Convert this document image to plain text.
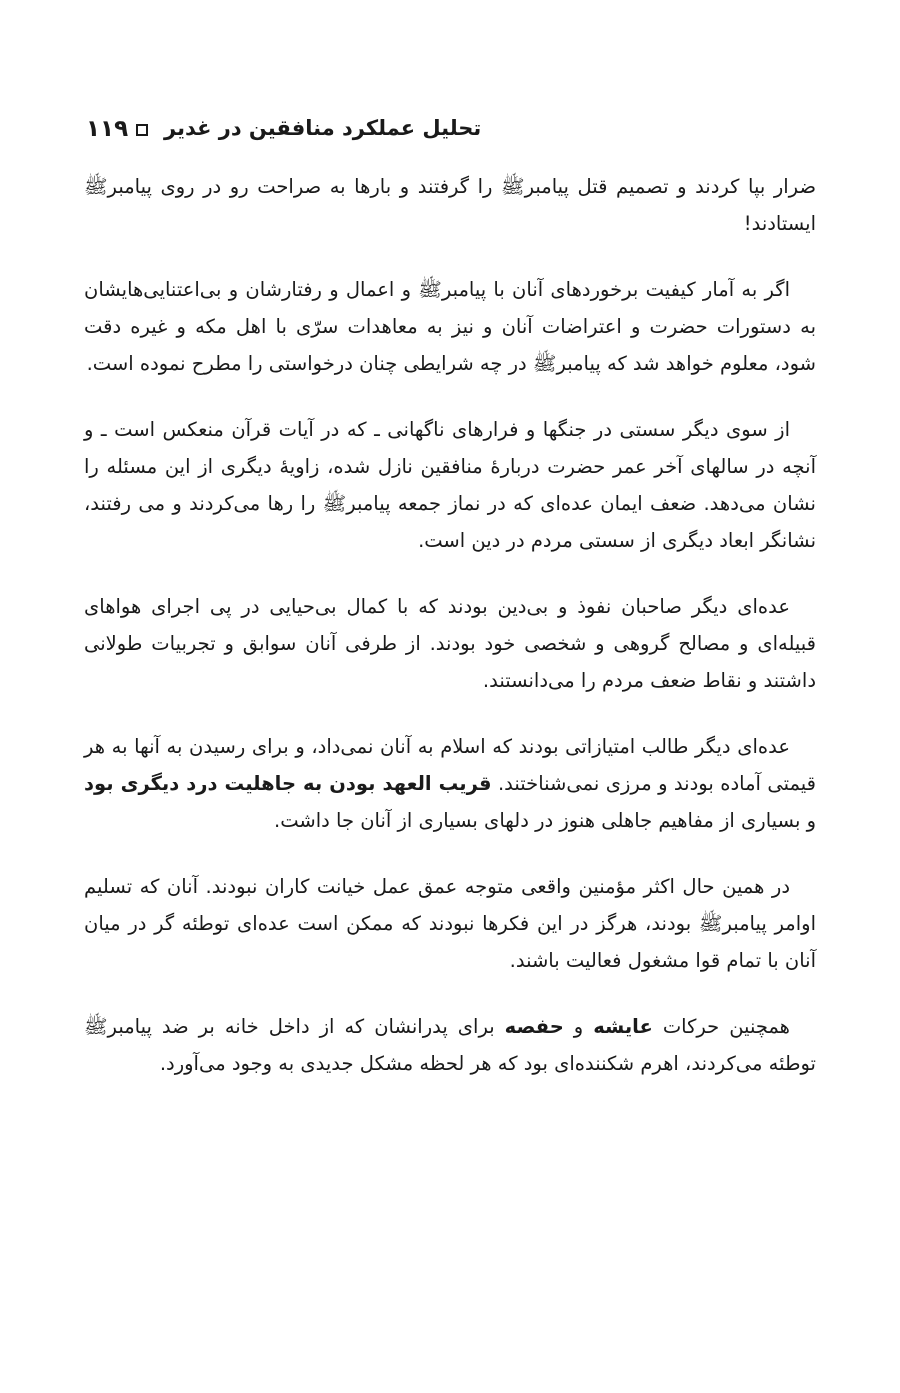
۱۱۹ تحلیل عملکرد منافقین در غدیر

ضرار بپا کردند و تصمیم قتل پیامبرﷺ را گرفتند و بارها به صراحت رو در روی پیامبرﷺ ایستادند!

اگر به آمار کیفیت برخوردهای آنان با پیامبرﷺ و اعمال و رفتارشان و بی‌اعتنایی‌هایشان به دستورات حضرت و اعتراضات آنان و نیز به معاهدات سرّی با اهل مکه و غیره دقت شود، معلوم خواهد شد که پیامبرﷺ در چه شرایطی چنان درخواستی را مطرح نموده است.

از سوی دیگر سستی در جنگها و فرارهای ناگهانی ـ که در آیات قرآن منعکس است ـ و آنچه در سالهای آخر عمر حضرت دربارهٔ منافقین نازل شده، زاویهٔ دیگری از این مسئله را نشان می‌دهد. ضعف ایمان عده‌ای که در نماز جمعه پیامبرﷺ را رها می‌کردند و می رفتند، نشانگر ابعاد دیگری از سستی مردم در دین است.

عده‌ای دیگر صاحبان نفوذ و بی‌دین بودند که با کمال بی‌حیایی در پی اجرای هواهای قبیله‌ای و مصالح گروهی و شخصی خود بودند. از طرفی آنان سوابق و تجربیات طولانی داشتند و نقاط ضعف مردم را می‌دانستند.

عده‌ای دیگر طالب امتیازاتی بودند که اسلام به آنان نمی‌داد، و برای رسیدن به آنها به هر قیمتی آماده بودند و مرزی نمی‌شناختند. قریب العهد بودن به جاهلیت درد دیگری بود و بسیاری از مفاهیم جاهلی هنوز در دلهای بسیاری از آنان جا داشت.

در همین حال اکثر مؤمنین واقعی متوجه عمق عمل خیانت کاران نبودند. آنان که تسلیم اوامر پیامبرﷺ بودند، هرگز در این فکرها نبودند که ممکن است عده‌ای توطئه گر در میان آنان با تمام قوا مشغول فعالیت باشند.

همچنین حرکات عایشه و حفصه برای پدرانشان که از داخل خانه بر ضد پیامبرﷺ توطئه می‌کردند، اهرم شکننده‌ای بود که هر لحظه مشکل جدیدی به وجود می‌آورد.
